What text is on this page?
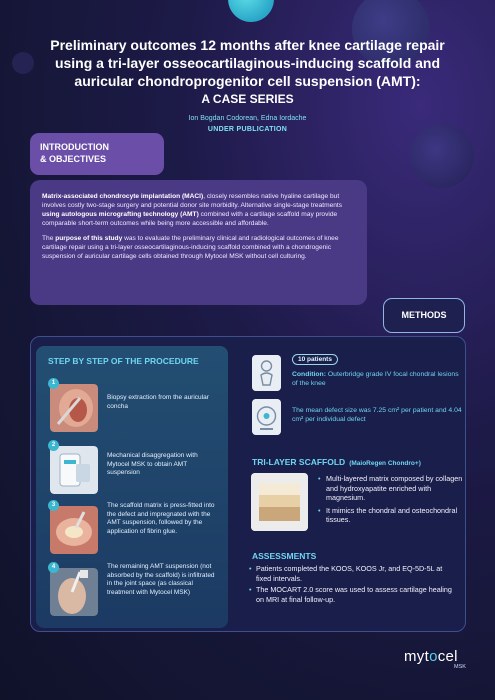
Preliminary outcomes 12 months after knee cartilage repair
using a tri-layer osseocartilaginous-inducing scaffold and
auricular chondroprogenitor cell suspension (AMT):
A CASE SERIES
Ion Bogdan Codorean, Edna Iordache
UNDER PUBLICATION
INTRODUCTION
& OBJECTIVES

Matrix-associated chondrocyte implantation (MACI), closely resembles native hyaline cartilage but involves costly two-stage surgery and potential donor site morbidity. Alternative single-stage treatments using autologous micrografting technology (AMT) combined with a cartilage scaffold may provide comparable short-term outcomes while being more accessible and affordable.

The purpose of this study was to evaluate the preliminary clinical and radiological outcomes of knee cartilage repair using a tri-layer osseocartilaginous-inducing scaffold combined with a chondrogenic suspension of auricular cartilage cells obtained through Mytocel MSK without cell culturing.

METHODS
STEP BY STEP OF THE PROCEDURE
1
Biopsy extraction from the auricular concha
2
Mechanical disaggregation with Mytocel MSK to obtain AMT suspension
3	The scaffold matrix is press-fitted into the defect and impregnated with the AMT suspension, followed by the application of fibrin glue.
4	The remaining AMT suspension (not absorbed by the scaffold) is infiltrated in the joint space (as classical treatment with Mytocel MSK)
10 patients
Condition: Outerbridge grade IV focal chondral lesions of the knee
The mean defect size was 7.25 cm² per patient and 4.04 cm² per individual defect
TRI-LAYER SCAFFOLD (MaioRegen Chondro+)
• Multi-layered matrix composed by collagen and hydroxyapatite enriched with magnesium.
• It mimics the chondral and osteochondral tissues.
ASSESSMENTS
• Patients completed the KOOS, KOOS Jr, and EQ-5D-5L at fixed intervals.
• The MOCART 2.0 score was used to assess cartilage healing on MRI at final follow-up.
mytocel
MSK
